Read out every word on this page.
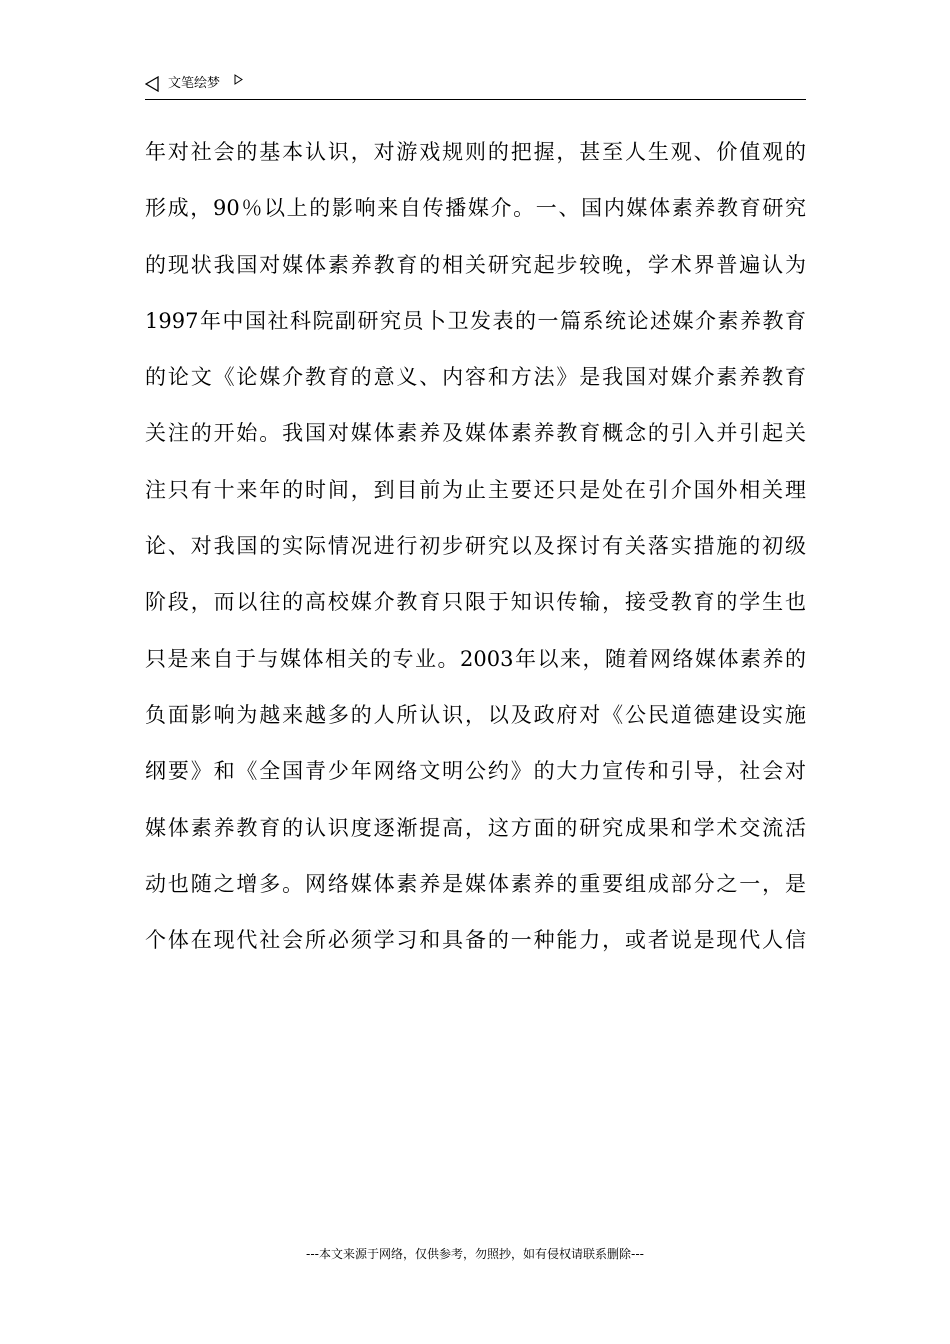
文笔绘梦
年对社会的基本认识，对游戏规则的把握，甚至人生观、价值观的
形成，90％以上的影响来自传播媒介。一、国内媒体素养教育研究
的现状我国对媒体素养教育的相关研究起步较晚，学术界普遍认为
1997年中国社科院副研究员卜卫发表的一篇系统论述媒介素养教育
的论文《论媒介教育的意义、内容和方法》是我国对媒介素养教育
关注的开始。我国对媒体素养及媒体素养教育概念的引入并引起关
注只有十来年的时间，到目前为止主要还只是处在引介国外相关理
论、对我国的实际情况进行初步研究以及探讨有关落实措施的初级
阶段，而以往的高校媒介教育只限于知识传输，接受教育的学生也
只是来自于与媒体相关的专业。2003年以来，随着网络媒体素养的
负面影响为越来越多的人所认识，以及政府对《公民道德建设实施
纲要》和《全国青少年网络文明公约》的大力宣传和引导，社会对
媒体素养教育的认识度逐渐提高，这方面的研究成果和学术交流活
动也随之增多。网络媒体素养是媒体素养的重要组成部分之一，是
个体在现代社会所必须学习和具备的一种能力，或者说是现代人信
---本文来源于网络，仅供参考，勿照抄，如有侵权请联系删除---
